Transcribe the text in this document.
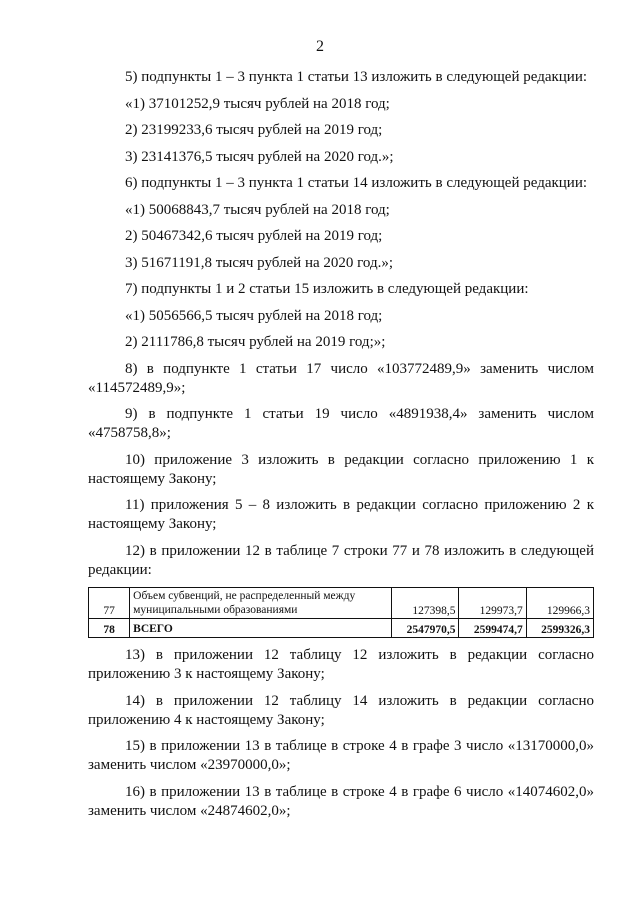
2

5) подпункты 1 – 3 пункта 1 статьи 13 изложить в следующей редакции:

«1) 37101252,9 тысяч рублей на 2018 год;

2) 23199233,6 тысяч рублей на 2019 год;

3) 23141376,5 тысяч рублей на 2020 год.»;

6) подпункты 1 – 3 пункта 1 статьи 14 изложить в следующей редакции:

«1) 50068843,7 тысяч рублей на 2018 год;

2) 50467342,6 тысяч рублей на 2019 год;

3) 51671191,8 тысяч рублей на 2020 год.»;

7) подпункты 1 и 2 статьи 15 изложить в следующей редакции:

«1) 5056566,5 тысяч рублей на 2018 год;

2) 2111786,8 тысяч рублей на 2019 год;»;

8) в подпункте 1 статьи 17 число «103772489,9» заменить числом «114572489,9»;

9) в подпункте 1 статьи 19 число «4891938,4» заменить числом «4758758,8»;

10) приложение 3 изложить в редакции согласно приложению 1 к настоящему Закону;

11) приложения 5 – 8 изложить в редакции согласно приложению 2 к настоящему Закону;

12) в приложении 12 в таблице 7 строки 77 и 78 изложить в следующей редакции:

77	Объем субвенций, не распределенный между муниципальными образованиями	127398,5	129973,7	129966,3
78	ВСЕГО	2547970,5	2599474,7	2599326,3

13) в приложении 12 таблицу 12 изложить в редакции согласно приложению 3 к настоящему Закону;

14) в приложении 12 таблицу 14 изложить в редакции согласно приложению 4 к настоящему Закону;

15) в приложении 13 в таблице в строке 4 в графе 3 число «13170000,0» заменить числом «23970000,0»;

16) в приложении 13 в таблице в строке 4 в графе 6 число «14074602,0» заменить числом «24874602,0»;
